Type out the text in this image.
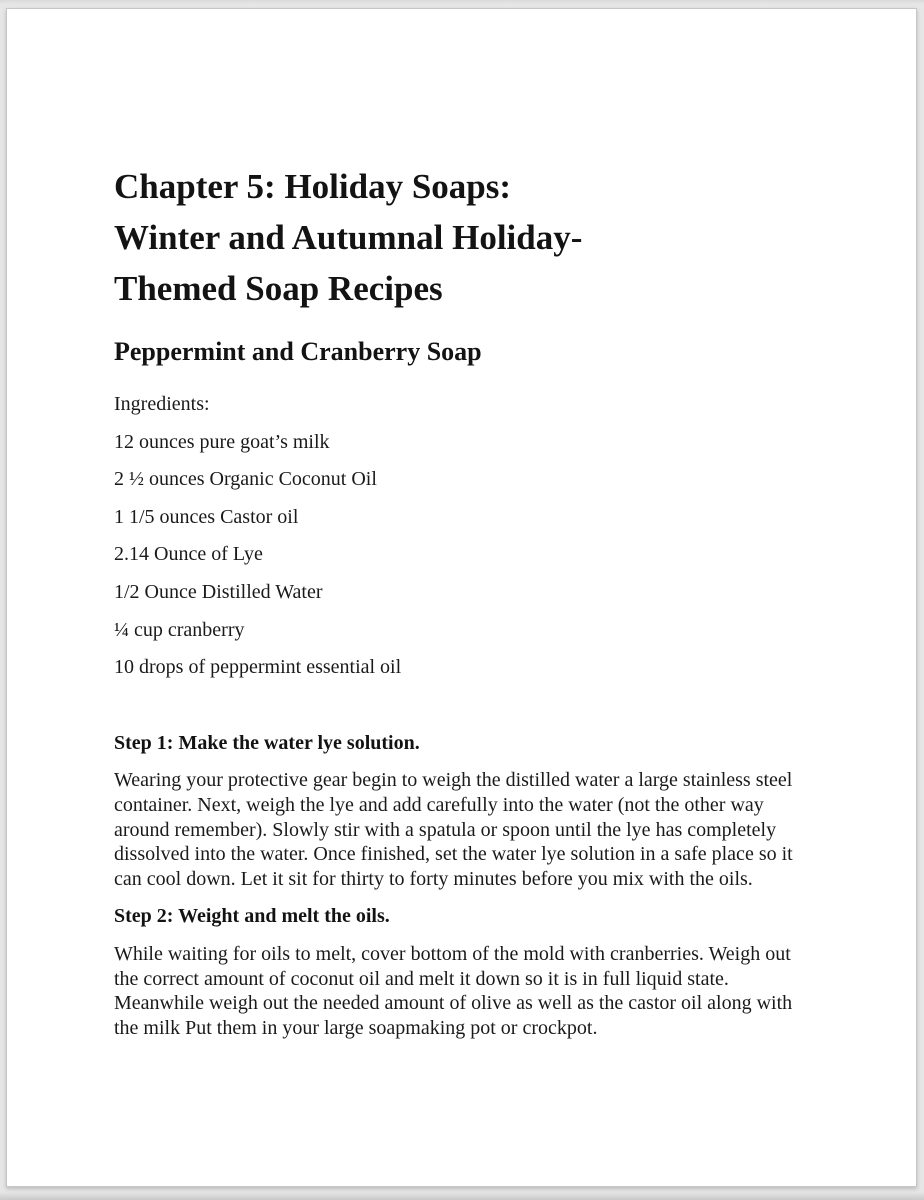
Chapter 5: Holiday Soaps:
Winter and Autumnal Holiday-
Themed Soap Recipes
Peppermint and Cranberry Soap

Ingredients:

12 ounces pure goat’s milk

2 ½ ounces Organic Coconut Oil

1 1/5 ounces Castor oil

2.14 Ounce of Lye

1/2 Ounce Distilled Water

¼ cup cranberry

10 drops of peppermint essential oil

Step 1: Make the water lye solution.

Wearing your protective gear begin to weigh the distilled water a large stainless steel container. Next, weigh the lye and add carefully into the water (not the other way around remember). Slowly stir with a spatula or spoon until the lye has completely dissolved into the water. Once finished, set the water lye solution in a safe place so it can cool down. Let it sit for thirty to forty minutes before you mix with the oils.

Step 2: Weight and melt the oils.

While waiting for oils to melt, cover bottom of the mold with cranberries. Weigh out the correct amount of coconut oil and melt it down so it is in full liquid state. Meanwhile weigh out the needed amount of olive as well as the castor oil along with the milk Put them in your large soapmaking pot or crockpot.
